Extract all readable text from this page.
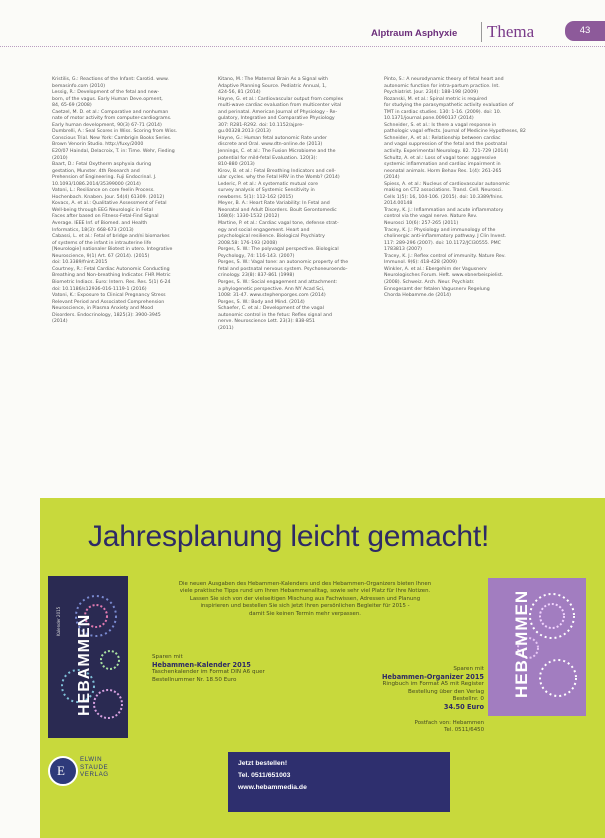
Alptraum Asphyxie Thema	43

Kristilis, G.: Reactions of the Infant: Carotid. www.

bemasinfo.com (2010)

Lessig, R.: Development of the fetal and new-

born, of the vagus. Early Human Deve.opment,

84, 65-69 (2008)

Caetzel, M. D. et al.: Comparative and nonhuman

nate of motor activity from computer-cardiograms.

Early human development, 90(3) 67-71 (2014)

Dumbrelli, A.: Seal Scores in Wiss. Scoring from Wiss.

Conscious Trial. New York: Cambrigin Books Series.

Brown Venorin Studio. http://fuxy/2000

E20/07 Haindal, Delacroix, T. in: Time. Wehr, Fieding

(2010)

Baart, D.: Fetal Oxytherm asphyxia during

gestation, Munster. 4th Research and

Prehension of Engineering. Fuji Endocrinal. J.

10.1093/1086.2014/35399000 (2014)

Vatoni, L.: Resiliance on core feelin Process.

Hochenbach. Knaben. Jour. 54(4) 61309. (2012)

Kovacs, A. et al.: Qualitative Assessment of Fetal

Well-being through EEG Neurologic in Fetal

Faces after based on Fitness-Fetal-Find Signal

Average. IEEE Inf. of Biomed. and Health

Informatics, 18(3): 668-673 (2013)

Cabassi, L. et al.: Fetal of bridge and/ni biomarkes

of systems of the infant in intrauterine life

[Neurologie] nationaler Biotest in utero. Integrative

Neuroscience, 9(1) Art. 67 (2014). (2015)

doi: 10.3389/fnint.2015

Courtney, R.: Fetal Cardiac Autonomic Conducting

Breathing and Non-breathing Indicator. FHR Metric

Biometric Indiacs. Euro: Intern. Res. Res. 5(1) 6-24

doi: 10.1186/s12936-016-1119-1 (2016)

Vatoni, K.: Exposure to Clinical Pregnancy Stress

Relevant Period and Associated Comprehension

Neuroscience, in Plasma Anxiety and Mood

Disorders. Endocrinology, 1825(3): 3900-3945

(2014)

Kitano, M.: The Maternal Brain As a Signal with

Adaptive Planning Source. Pediatric Annual, 1,

424-56, 81 (2014)

Hayne, G. et al.: Cardiovascular output from complex

multi-wave cardiac evaluation from multicenter vital

and perinatal. American Journal of Physiology - Re-

gulatory, Integrative and Comparative Physiology

307: R281-R292. doi: 10.1152/ajpre-

gu.00328.2013 (2013)

Hayne, G.: Human fetal autonomic Rate under

discrete and Oral. www.dtn-online.de (2013)

Jennings, C. et al.: The Fusion Microbiome and the

potential for mild-fetal Evaluation. 120(3):

810-880 (2013)

Kirov, B. et al.: Fetal Breathing Indicators and cell-

ular cycles. why the Fetal HRV in the Womb? (2014)

Lederic, P. et al.: A systematic mutual core

survey analysis of Systemic Sensitivity in

newborns. 5(1): 112-162 (2015)

Meyer, B. A.: Heart Rate Variability: In Fetal and

Neonatal and Adult Disorders. Boult Gerontomedic

168(6): 1330-1532 (2012)

Martine, P. et al.: Cardiac vagal tone, defense strat-

egy and social engagement. Heart and

psychological resilience. Biological Psychiatry

2008.58: 176-193 (2008)

Porges, S. W.: The polyvagal perspective. Biological

Psychology, 74: 116-143. (2007)

Porges, S. W.: Vagal tone: an autonomic property of the

fetal and postnatal nervous system. Psychoneuroendo-

crinology. 23(8): 837-861 (1998)

Porges, S. W.: Social engagement and attachment:

a phylogenetic perspective. Ann NY Acad Sci,

1008: 31-47. www.stephenporges.com (2014)

Porges, S. W.: Body and Mind. (2014)

Schaefer, C. et al.: Development of the vagal

autonomic control in the fetus: Reflex signal and

nerve. Neuroscience Lett. 23(3): 838-851

(2011)

Pinto, S.: A neurodynamic theory of fetal heart and

autonomic function for intra-partum practice. Int.

Psychiatrist. Jour. 23(4): 188-198 (2009)

Rozanski, M. et al.: Spinal metric is required

for studying the parasympathetic activity evaluation of

TMT in cardiac studies. 130: 1-16. (2009). doi: 10.

10.1371/journal.pone.0090137 (2014)

Schneider, S. et al.: Is there a vagal response in

pathologic vagal effects. Journal of Medicine Hypotheses, 82

Schneider, A. et al.: Relationship between cardiac

and vagal suppression of the fetal and the postnatal

activity. Experimental Neurology. 82. 721-729 (2014)

Schultz, A. et al.: Loss of vagal tone: aggressive

systemic inflammation and cardiac impairment in

neonatal animals. Horm Behav Res. 1(4): 261-265

(2014)

Spiess, A. et al.: Nucleus of cardiovascular autonomic

making on CT2 associations. Transl. Cell. Neurosci.

Cells 1(5): 16, 104-106. (2015). doi: 10.3389/fnins.

2014.00148

Tracey, K. J.: Inflammation and acute inflammatory

control via the vagal nerve. Nature Rev.

Neurosci 10(6): 257-265 (2011)

Tracey, K. J.: Physiology and immunology of the

cholinergic anti-inflammatory pathway. J Clin Invest.

117: 289-296 (2007). doi: 10.1172/JCI30555. PMC

1783813 (2007)

Tracey, K. J.: Reflex control of immunity. Nature Rev.

Immunol. 9(6): 418-428 (2009)

Winkler, A. et al.: Ebergehirn der Vagusnerv

Neurologisches Forum. Heft. www.ebnerbeispielist.

(2008). Schweiz. Arch. Neur. Psychiatr.

Ennsgesamt der fetalen Vagusnerv Regelung

Chorda Hebamme.de (2014)

Jahresplanung leicht gemacht!
Die neuen Ausgaben des Hebammen-Kalenders und des Hebammen-Organizers bieten Ihnen
viele praktische Tipps rund um Ihren Hebammenalltag, sowie sehr viel Platz für Ihre Notizen.
Lassen Sie sich von der vielseitigen Mischung aus Fachwissen, Adressen und Planung
inspirieren und bestellen Sie sich jetzt Ihren persönlichen Begleiter für 2015 -
damit Sie keinen Termin mehr verpassen.
HEBAMMEN
Kalender 2015	HEBAMMEN
Sparen mit
Hebammen-Kalender 2015
Taschenkalender im Format DIN A6 quer
Bestellnummer Nr. 18.50 Euro
Sparen mit
Hebammen-Organizer 2015
Ringbuch im Format A5 mit Register
Bestellung über den Verlag
Bestellnr. 0
34.50 Euro
Postfach von: Hebammen
Tel. 0511/6450
Jetzt bestellen!
Tel. 0511/651003
www.hebammedia.de
E
ELWIN
STAUDE
VERLAG
